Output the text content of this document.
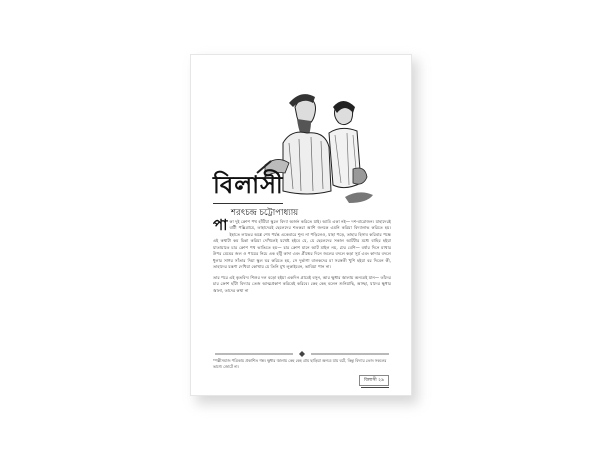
বিলাসী

শরৎচন্দ্র চট্টোপাধ্যায়

পা কা দুই ক্রোশ পথ হাঁটিয়া স্কুলে বিদ্যা অর্জন করিতে যাই। আমি একা নই— দশ-বারোজন। যাহাদেরই বাটী পল্লিগ্রামে, তাহাদেরই ছেলেদের শতকরা আশি জনকে এমনি করিয়া বিদ্যালাভ করিতে হয়। ইহাতে লাভের অঙ্কে শেষ পর্যন্ত একেবারে শূন্য না পড়িলেও, যাহা পড়ে, তাহার হিসাব করিবার পক্ষে এই কথাটা কম চিন্তা করিয়া দেখিলেই যথেষ্ট হইবে যে, যে ছেলেদের সকাল আটটার মধ্যে বাহির হইয়া যাতায়াতে চার ক্রোশ পথ ভাঙিতে হয়— চার ক্রোশ মানে আট মাইল নয়, ঢের বেশি— বর্ষার দিনে মাথার উপর মেঘের জল ও পায়ের নিচে এক হাঁটু কাদা এবং গ্রীষ্মের দিনে জলের বদলে কড়া সূর্য এবং কাদার বদলে ধুলার সাগর সাঁতার দিয়া স্কুল ঘর করিতে হয়, সে দুর্ভাগা বালকদের মা সরস্বতী খুশি হইয়া বর দিবেন কী, তাহাদের যন্ত্রণা দেখিয়া কোথায় যে তিনি মুখ লুকাইবেন, ভাবিয়া পান না।

তার পরে এই কৃতবিদ্য শিশুর দল বড়ো হইয়া একদিন গ্রামেই বসুন, আর ক্ষুধার জ্বালায় অন্যত্রই যান— তাঁদের চার ক্রোশ হাঁটা বিদ্যার তেজ আত্মপ্রকাশ করিবেই করিবে। কেহ কেহ বলেন শুনিয়াছি, আচ্ছা, যাদের ক্ষুধার জ্বালা, তাদের কথা না

*পল্লীসমাজ পত্রিকায় প্রকাশিত গল্প। ক্ষুধার জ্বালায় কেহ কেহ গ্রাম ছাড়িয়া অন্যত্র যায় বটে, কিন্তু বিদ্যার তেজ সকলের ভাগ্যে জোটে না।

বিলাসী ২৯
